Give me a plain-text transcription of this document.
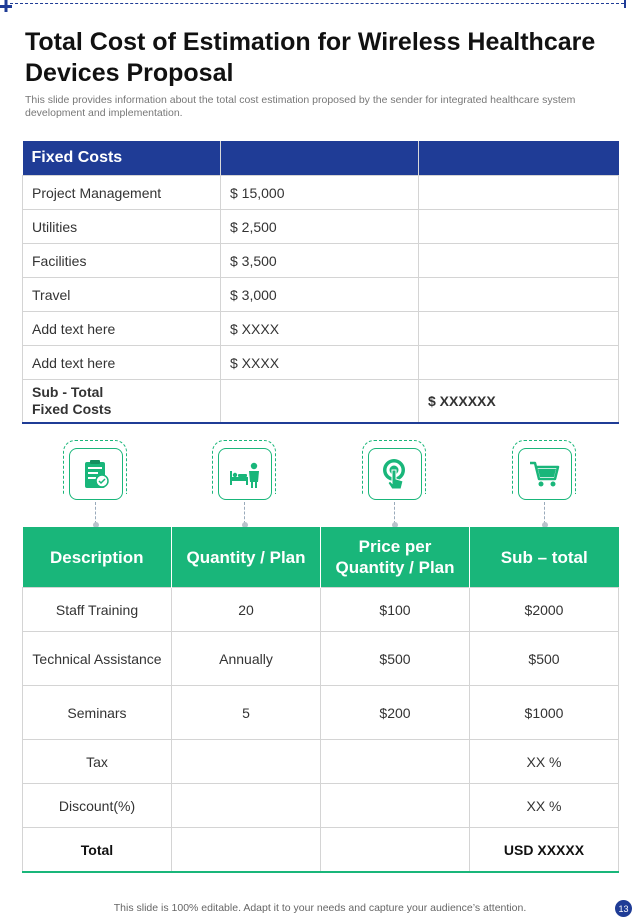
Total Cost of Estimation for Wireless Healthcare Devices Proposal
This slide provides information about the total cost estimation proposed by the sender for integrated healthcare system development and implementation.
Fixed Costs		
Project Management	$ 15,000	
Utilities	$ 2,500	
Facilities	$ 3,500	
Travel	$ 3,000	
Add text here	$ XXXX	
Add text here	$ XXXX	

Sub - Total
Fixed Costs		$ XXXXXX
Description	Quantity / Plan	Price per Quantity / Plan	Sub – total
Staff Training	20	$100	$2000
Technical Assistance	Annually	$500	$500
Seminars	5	$200	$1000
Tax			XX %
Discount(%)			XX %
Total			USD XXXXX
This slide is 100% editable. Adapt it to your needs and capture your audience’s attention.	13
